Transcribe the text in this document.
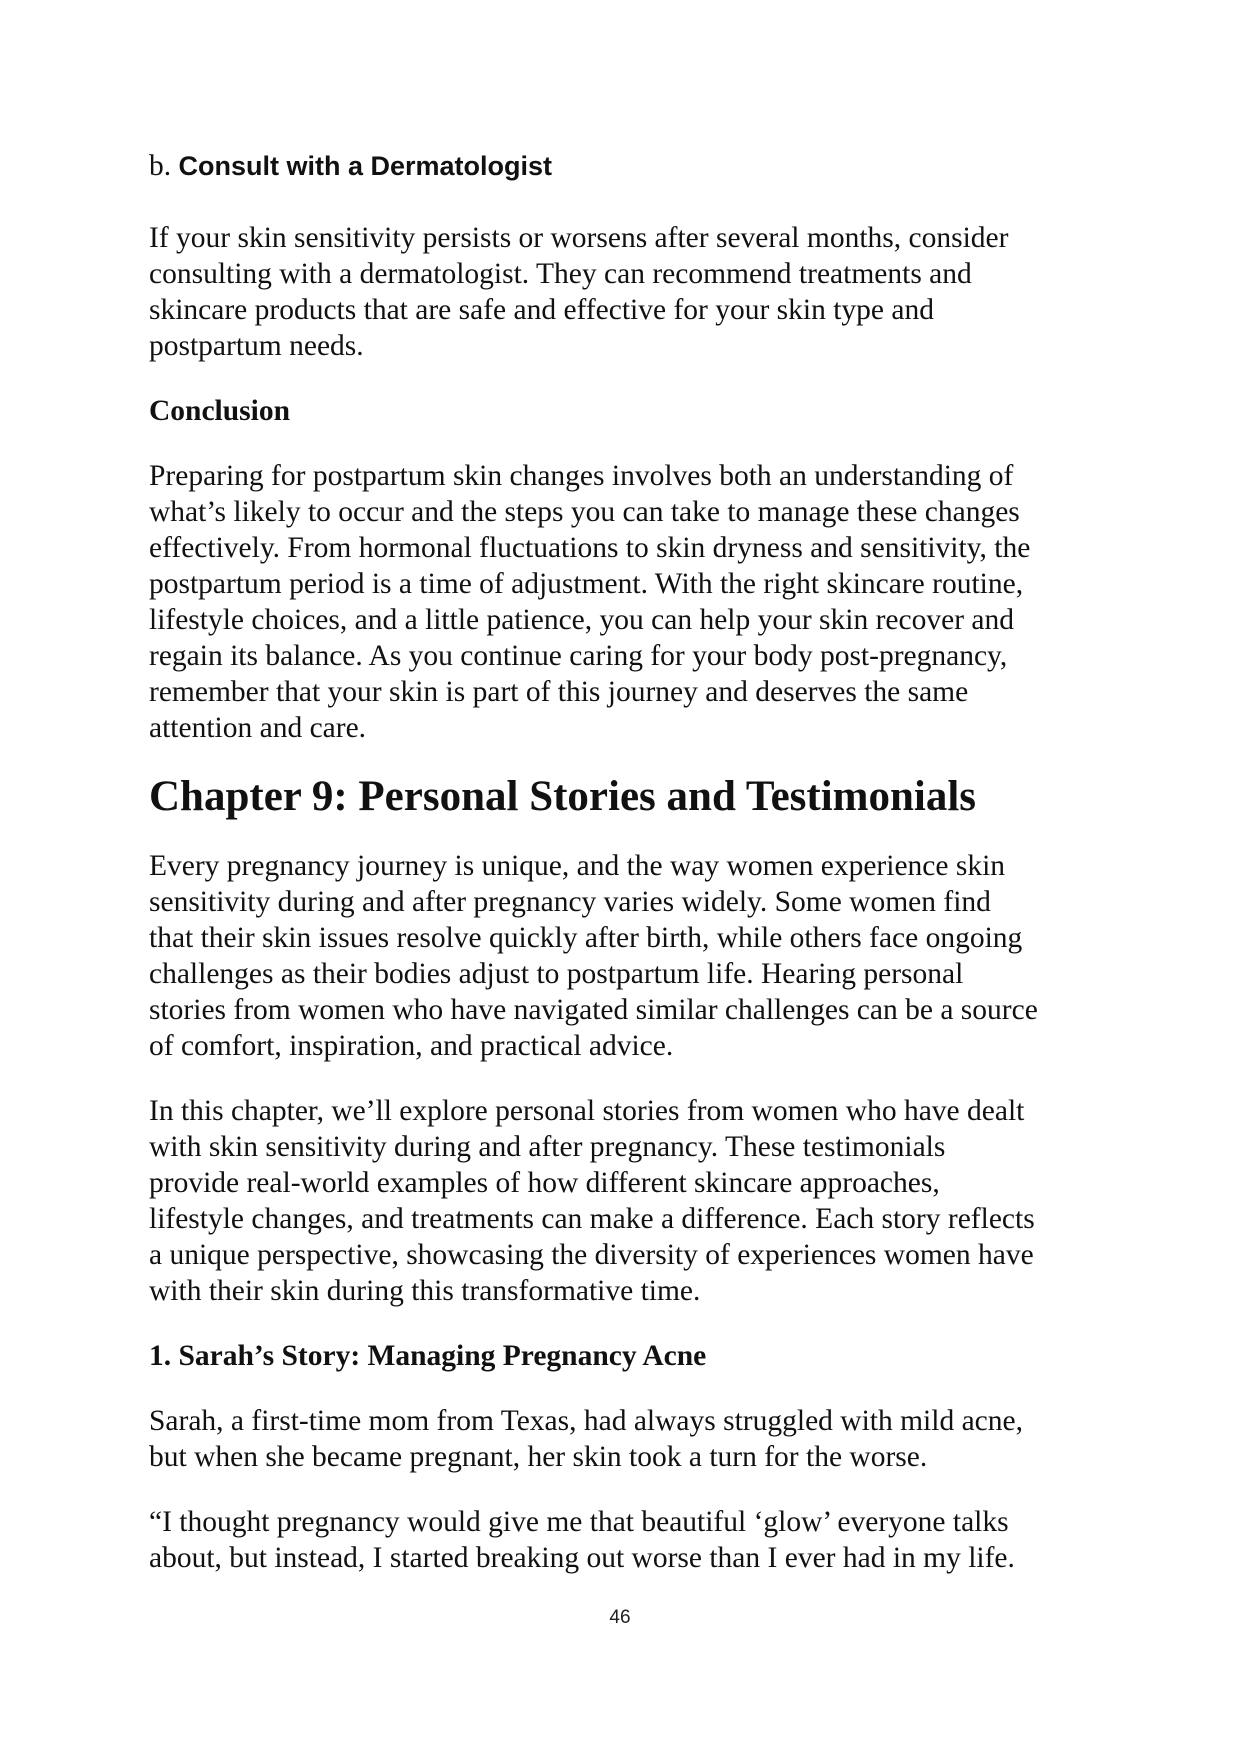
b. Consult with a Dermatologist
If your skin sensitivity persists or worsens after several months, consider
consulting with a dermatologist. They can recommend treatments and
skincare products that are safe and effective for your skin type and
postpartum needs.
Conclusion
Preparing for postpartum skin changes involves both an understanding of
what’s likely to occur and the steps you can take to manage these changes
effectively. From hormonal fluctuations to skin dryness and sensitivity, the
postpartum period is a time of adjustment. With the right skincare routine,
lifestyle choices, and a little patience, you can help your skin recover and
regain its balance. As you continue caring for your body post-pregnancy,
remember that your skin is part of this journey and deserves the same
attention and care.
Chapter 9: Personal Stories and Testimonials
Every pregnancy journey is unique, and the way women experience skin
sensitivity during and after pregnancy varies widely. Some women find
that their skin issues resolve quickly after birth, while others face ongoing
challenges as their bodies adjust to postpartum life. Hearing personal
stories from women who have navigated similar challenges can be a source
of comfort, inspiration, and practical advice.
In this chapter, we’ll explore personal stories from women who have dealt
with skin sensitivity during and after pregnancy. These testimonials
provide real-world examples of how different skincare approaches,
lifestyle changes, and treatments can make a difference. Each story reflects
a unique perspective, showcasing the diversity of experiences women have
with their skin during this transformative time.
1. Sarah’s Story: Managing Pregnancy Acne
Sarah, a first-time mom from Texas, had always struggled with mild acne,
but when she became pregnant, her skin took a turn for the worse.
“I thought pregnancy would give me that beautiful ‘glow’ everyone talks
about, but instead, I started breaking out worse than I ever had in my life.
46
